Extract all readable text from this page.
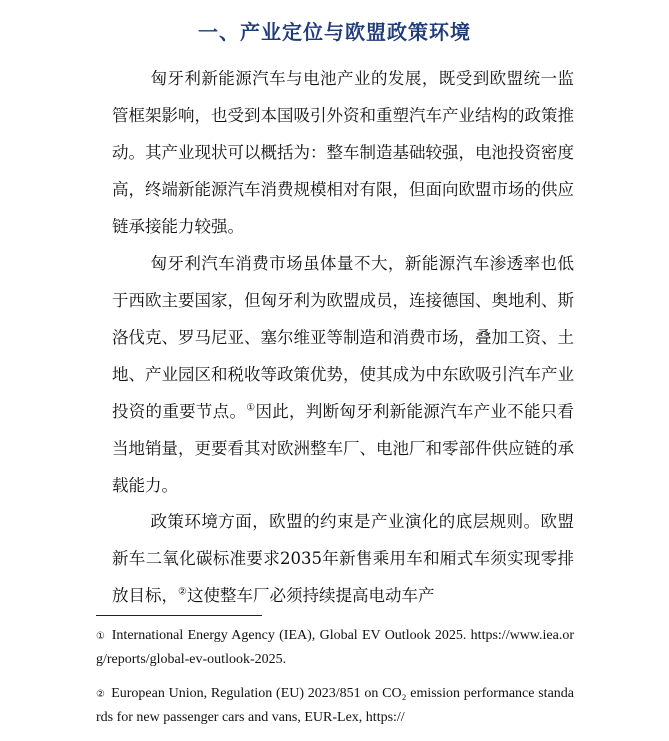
一、产业定位与欧盟政策环境

匈牙利新能源汽车与电池产业的发展，既受到欧盟统一监管框架影响，也受到本国吸引外资和重塑汽车产业结构的政策推动。其产业现状可以概括为：整车制造基础较强，电池投资密度高，终端新能源汽车消费规模相对有限，但面向欧盟市场的供应链承接能力较强。

匈牙利汽车消费市场虽体量不大，新能源汽车渗透率也低于西欧主要国家，但匈牙利为欧盟成员，连接德国、奥地利、斯洛伐克、罗马尼亚、塞尔维亚等制造和消费市场，叠加工资、土地、产业园区和税收等政策优势，使其成为中东欧吸引汽车产业投资的重要节点。①因此，判断匈牙利新能源汽车产业不能只看当地销量，更要看其对欧洲整车厂、电池厂和零部件供应链的承载能力。

政策环境方面，欧盟的约束是产业演化的底层规则。欧盟新车二氧化碳标准要求2035年新售乘用车和厢式车须实现零排放目标，②这使整车厂必须持续提高电动车产

① International Energy Agency (IEA), Global EV Outlook 2025. https://www.iea.org/reports/global-ev-outlook-2025.

② European Union, Regulation (EU) 2023/851 on CO₂ emission performance standards for new passenger cars and vans, EUR-Lex, https://
